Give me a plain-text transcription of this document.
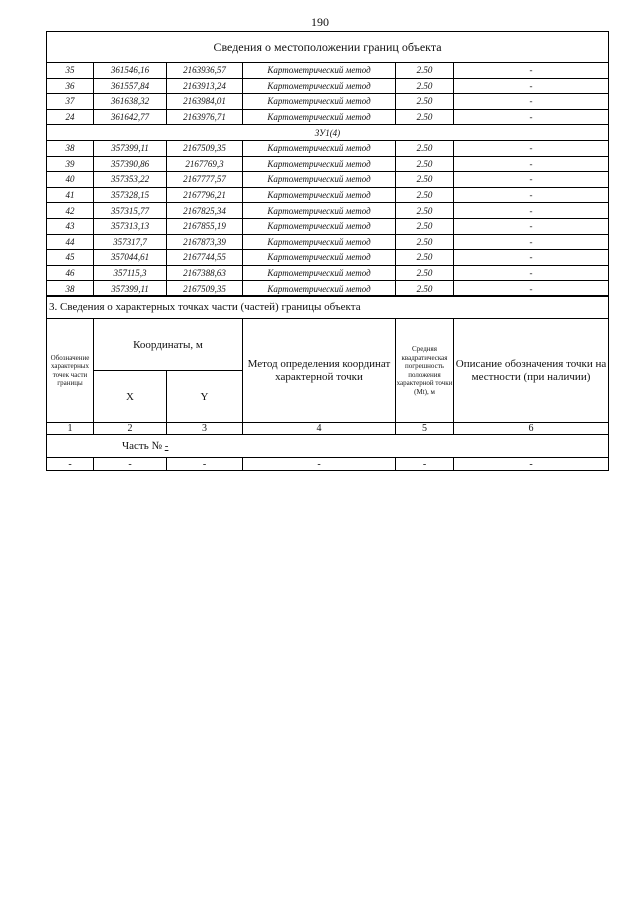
190
Сведения о местоположении границ объекта					
35	361546,16	2163936,57	Картометрический метод	2.50	-
36	361557,84	2163913,24	Картометрический метод	2.50	-
37	361638,32	2163984,01	Картометрический метод	2.50	-
24	361642,77	2163976,71	Картометрический метод	2.50	-
ЗУ1(4)					
38	357399,11	2167509,35	Картометрический метод	2.50	-
39	357390,86	2167769,3	Картометрический метод	2.50	-
40	357353,22	2167777,57	Картометрический метод	2.50	-
41	357328,15	2167796,21	Картометрический метод	2.50	-
42	357315,77	2167825,34	Картометрический метод	2.50	-
43	357313,13	2167855,19	Картометрический метод	2.50	-
44	357317,7	2167873,39	Картометрический метод	2.50	-
45	357044,61	2167744,55	Картометрический метод	2.50	-
46	357115,3	2167388,63	Картометрический метод	2.50	-
38	357399,11	2167509,35	Картометрический метод	2.50	-
3. Сведения о характерных точках части (частей) границы объекта					
Обозначение характерных точек части границы	Координаты, м		Метод определения координат характерной точки	Средняя квадратическая погрешность положения характерной точки (Mt), м	Описание обозначения точки на местности (при наличии)
	X	Y			
1	2	3	4	5	6
Часть № -					
-	-	-	-	-	-
